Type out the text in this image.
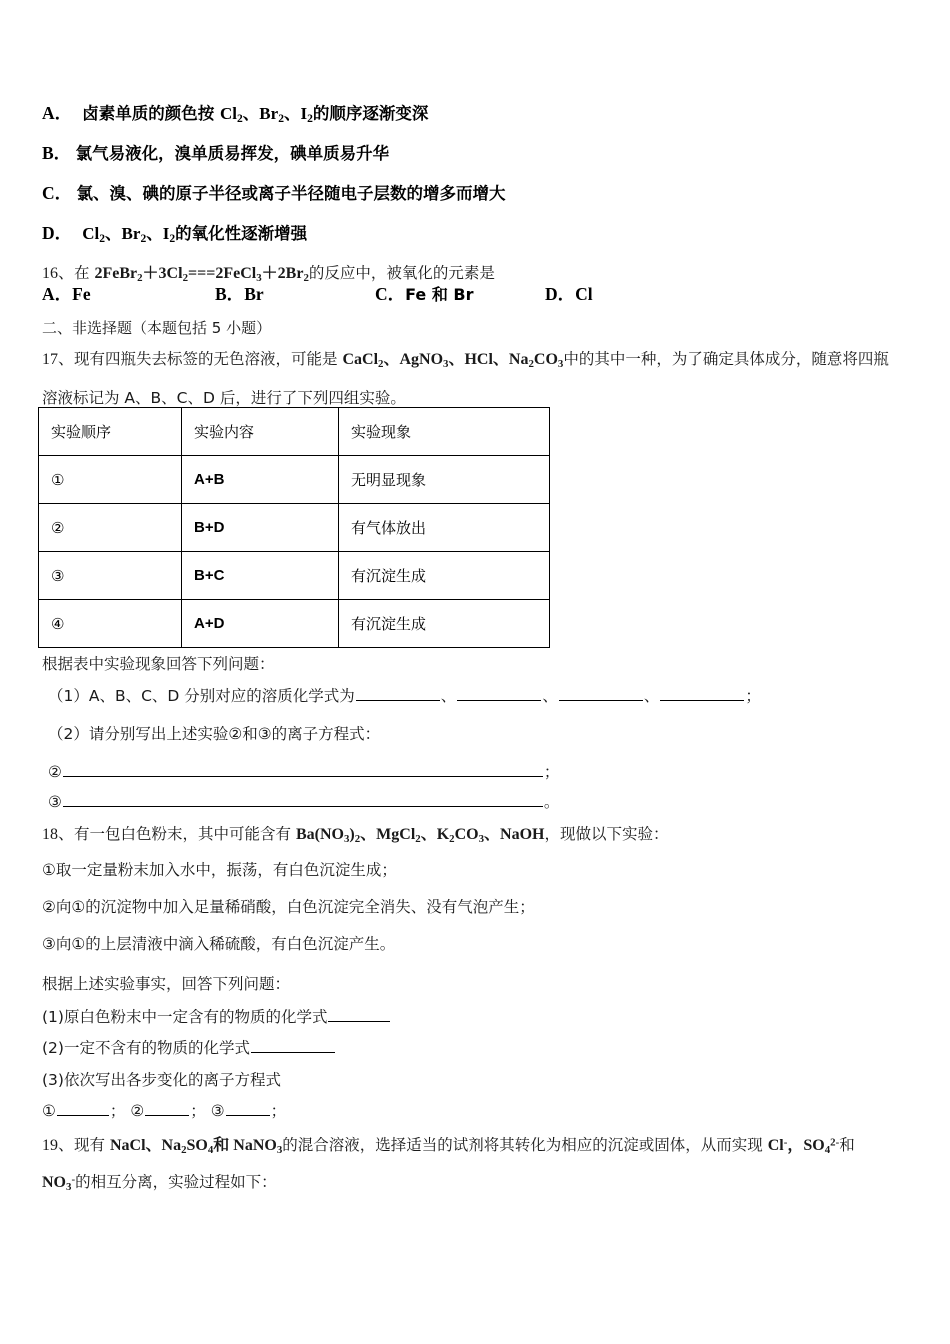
A．  卤素单质的颜色按 $Cl_2$、$Br_2$、$I_2$的顺序逐渐变深
B． 氯气易液化，溴单质易挥发，碘单质易升华
C． 氯、溴、碘的原子半径或离子半径随电子层数的增多而增大
D． $Cl_2$、$Br_2$、$I_2$的氧化性逐渐增强
16、在 $2FeBr_2+3Cl_2===2FeCl_3+2Br_2$的反应中，被氧化的元素是
A．Fe	B．Br	C．Fe 和 Br	D．Cl
二、非选择题（本题包括 5 小题）
17、现有四瓶失去标签的无色溶液，可能是 CaCl$_2$、AgNO$_3$、HCl、$Na_2CO_3$中的其中一种，为了确定具体成分，随意将四瓶
溶液标记为 A、B、C、D 后，进行了下列四组实验。
实验顺序	实验内容	实验现象
①	A+B	无明显现象
②	B+D	有气体放出
③	B+C	有沉淀生成
④	A+D	有沉淀生成
根据表中实验现象回答下列问题：
（1）A、B、C、D 分别对应的溶质化学式为	、	、	、	；
（2）请分别写出上述实验②和③的离子方程式：
②	；
③	。
18、有一包白色粉末，其中可能含有 $Ba(NO_3)_2$、MgCl$_2$、$K_2CO_3$、NaOH，现做以下实验：
①取一定量粉末加入水中，振荡，有白色沉淀生成；
②向①的沉淀物中加入足量稀硝酸，白色沉淀完全消失、没有气泡产生；
③向①的上层清液中滴入稀硫酸，有白色沉淀产生。
根据上述实验事实，回答下列问题：
(1)原白色粉末中一定含有的物质的化学式
(2)一定不含有的物质的化学式
(3)依次写出各步变化的离子方程式
①	； ②	； ③	；
19、现有 NaCl、$Na_2SO_4$和 NaNO$_3$的混合溶液，选择适当的试剂将其转化为相应的沉淀或固体，从而实现 Cl-，$SO_4^{2-}$和
$NO_3^-$的相互分离，实验过程如下：
